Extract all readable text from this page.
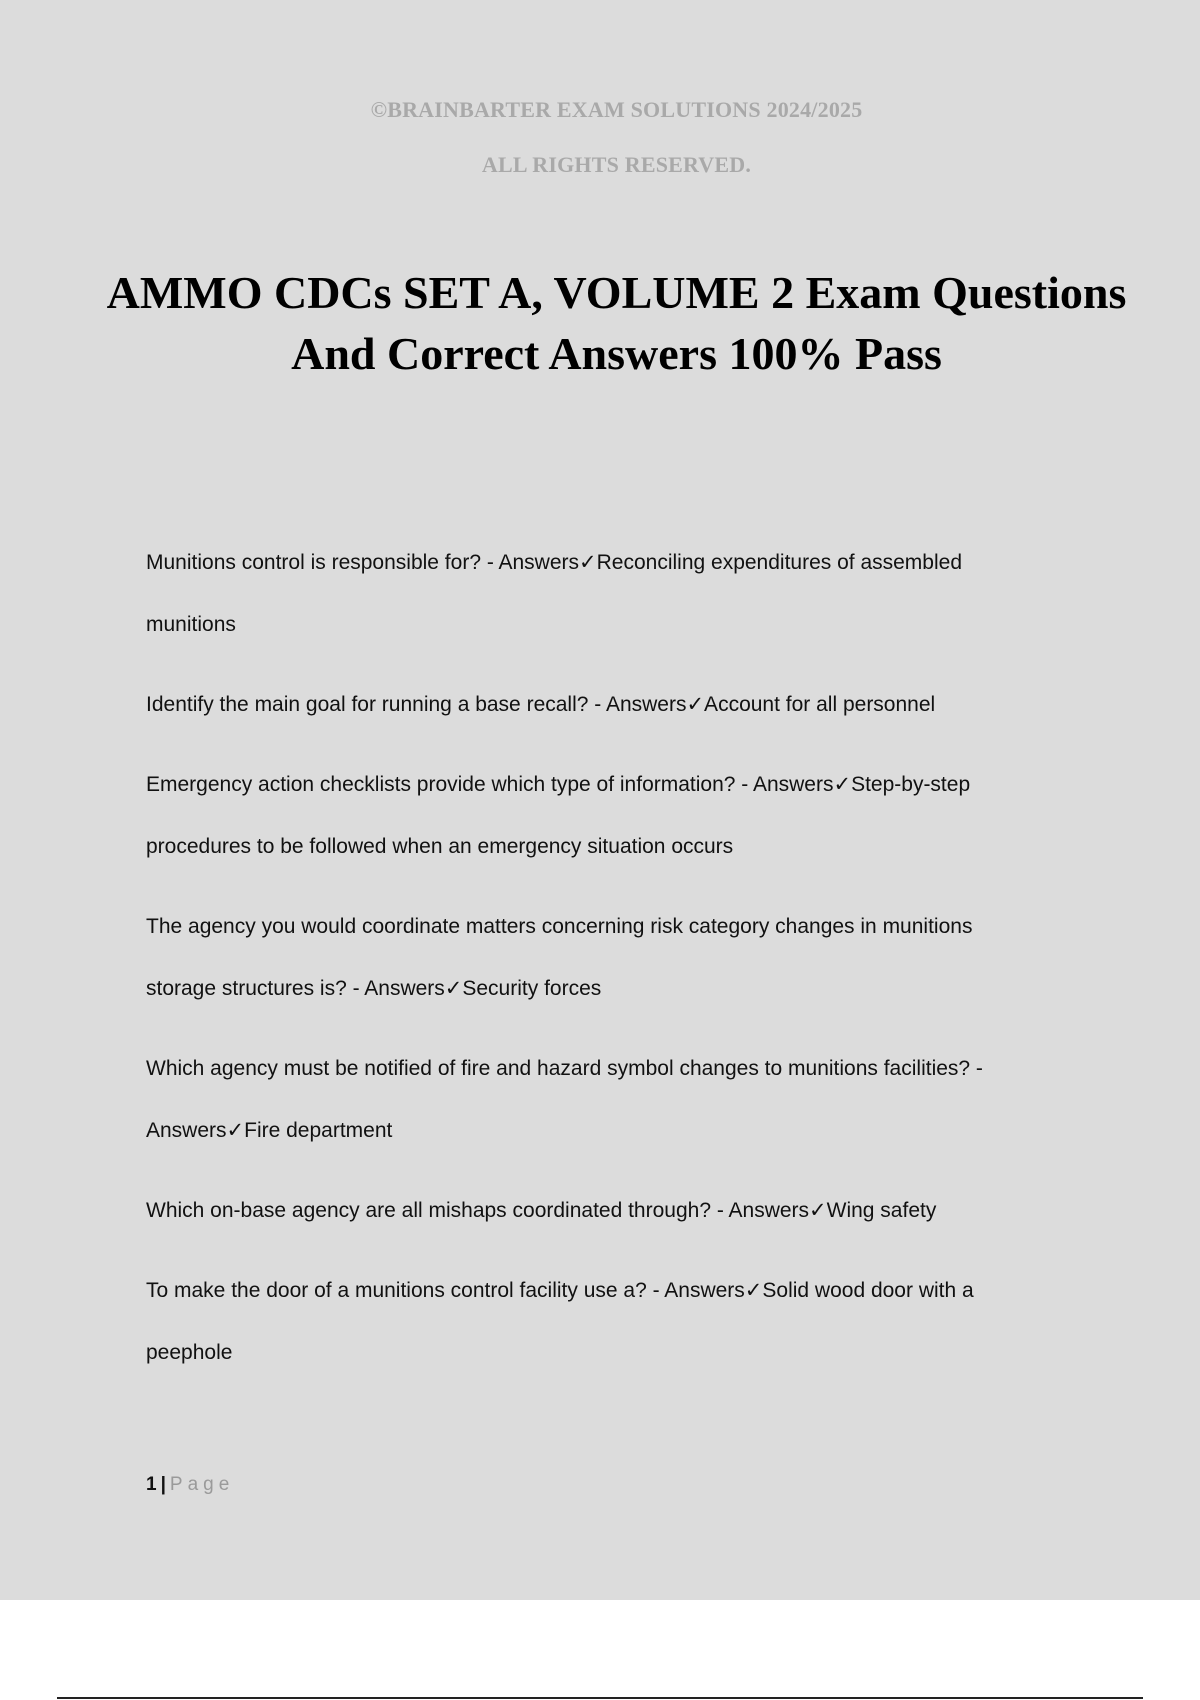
©BRAINBARTER EXAM SOLUTIONS 2024/2025
ALL RIGHTS RESERVED.
AMMO CDCs SET A, VOLUME 2 Exam Questions And Correct Answers 100% Pass
Munitions control is responsible for? - Answers✓Reconciling expenditures of assembled munitions
Identify the main goal for running a base recall? - Answers✓Account for all personnel
Emergency action checklists provide which type of information? - Answers✓Step-by-step procedures to be followed when an emergency situation occurs
The agency you would coordinate matters concerning risk category changes in munitions storage structures is? - Answers✓Security forces
Which agency must be notified of fire and hazard symbol changes to munitions facilities? - Answers✓Fire department
Which on-base agency are all mishaps coordinated through? - Answers✓Wing safety
To make the door of a munitions control facility use a? - Answers✓Solid wood door with a peephole
1 | Page
